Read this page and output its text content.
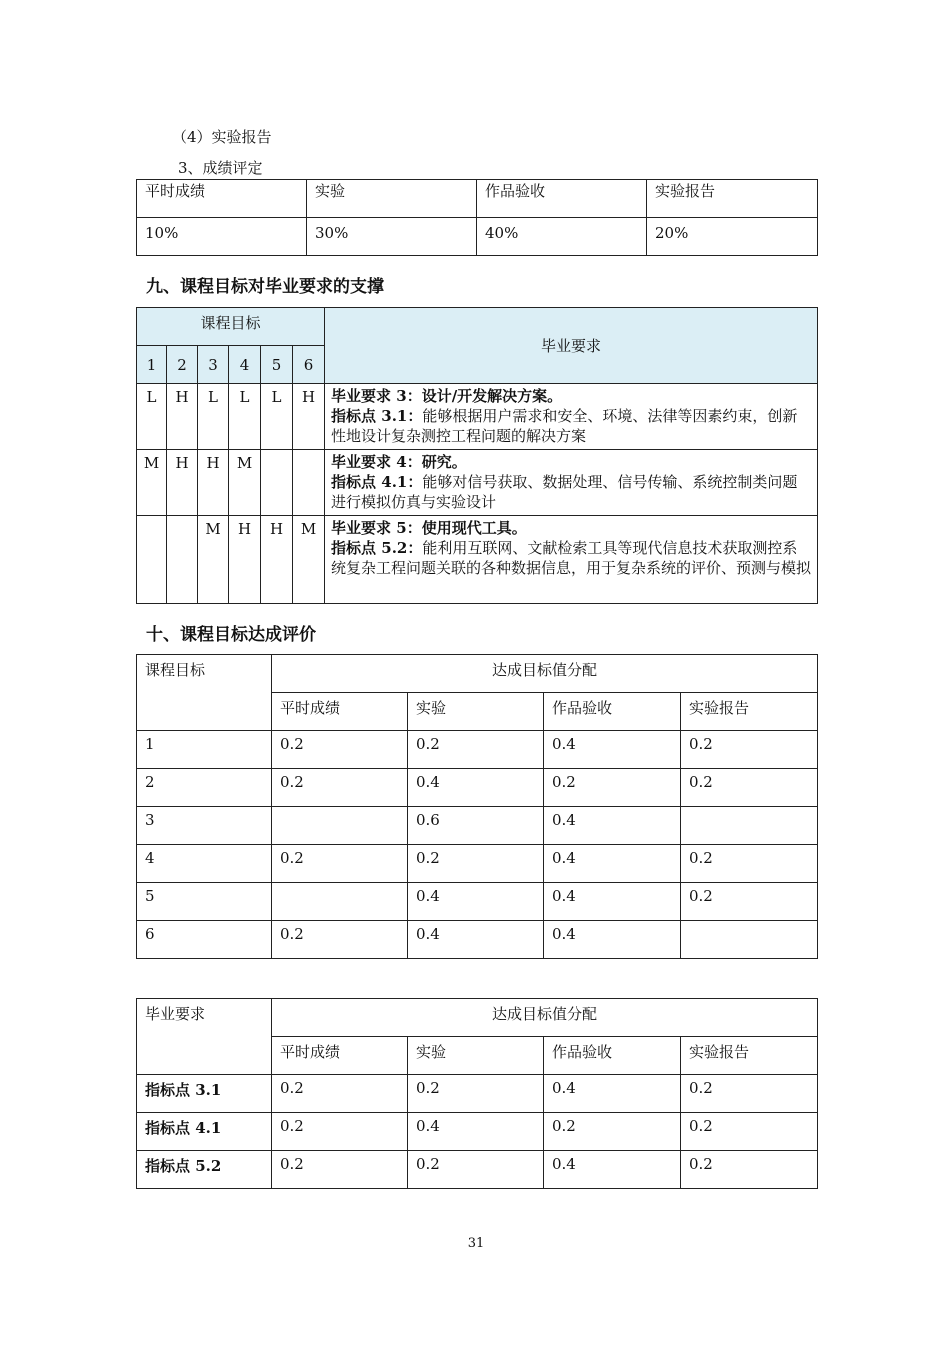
（4）实验报告
3、成绩评定
平时成绩	实验	作品验收	实验报告
10%	30%	40%	20%
九、课程目标对毕业要求的支撑
课程目标						毕业要求
1	2	3	4	5	6	
L	H	L	L	L	H	毕业要求 3：设计/开发解决方案。
指标点 3.1：能够根据用户需求和安全、环境、法律等因素约束，创新性地设计复杂测控工程问题的解决方案

M	H	H	M			毕业要求 4：研究。
指标点 4.1：能够对信号获取、数据处理、信号传输、系统控制类问题进行模拟仿真与实验设计

		M	H	H	M	毕业要求 5：使用现代工具。
指标点 5.2：能利用互联网、文献检索工具等现代信息技术获取测控系统复杂工程问题关联的各种数据信息，用于复杂系统的评价、预测与模拟
十、课程目标达成评价
课程目标	达成目标值分配			
	平时成绩	实验	作品验收	实验报告
1	0.2	0.2	0.4	0.2
2	0.2	0.4	0.2	0.2
3		0.6	0.4	
4	0.2	0.2	0.4	0.2
5		0.4	0.4	0.2
6	0.2	0.4	0.4	
毕业要求	达成目标值分配			
	平时成绩	实验	作品验收	实验报告
指标点 3.1	0.2	0.2	0.4	0.2
指标点 4.1	0.2	0.4	0.2	0.2
指标点 5.2	0.2	0.2	0.4	0.2
31
